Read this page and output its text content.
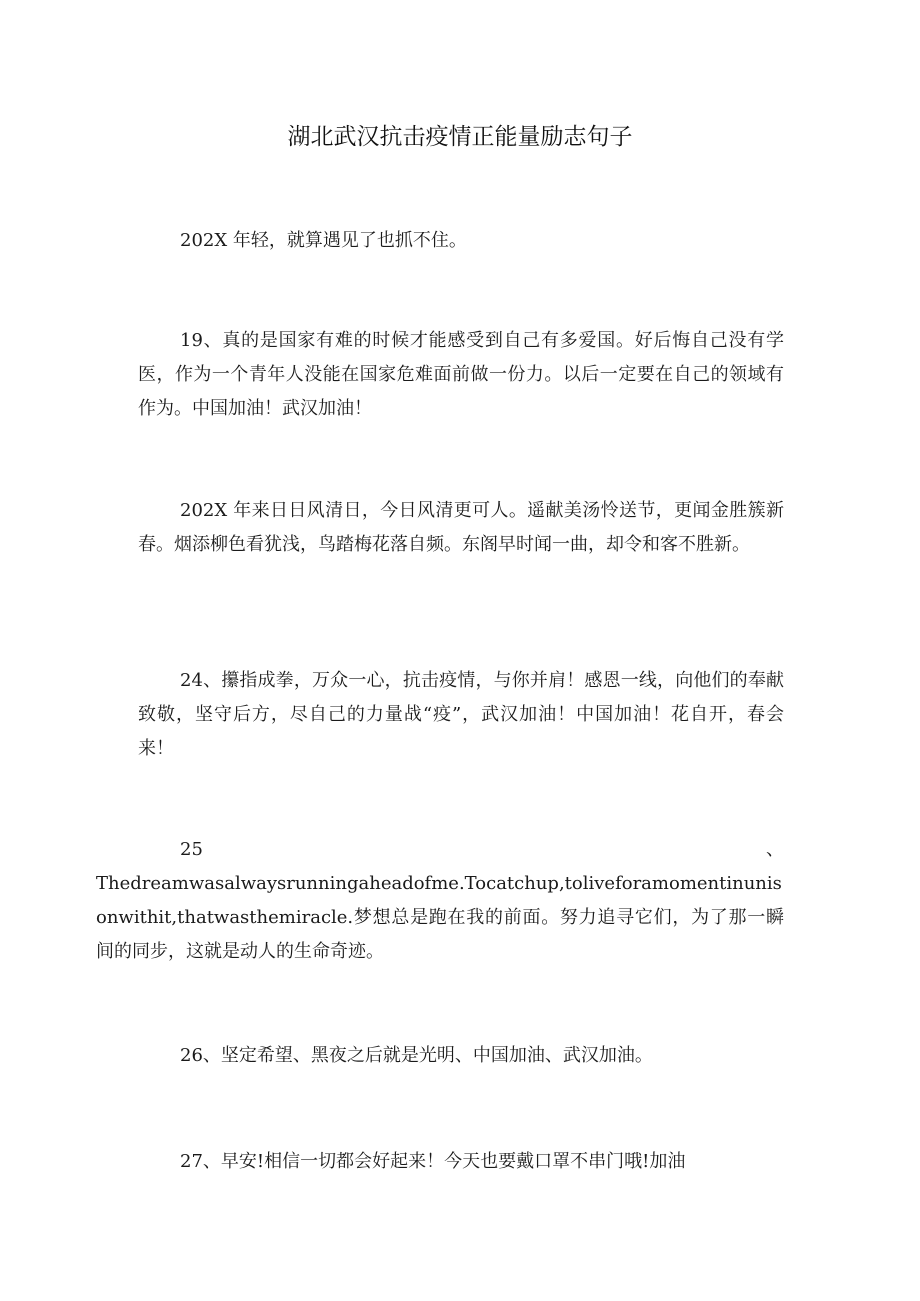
湖北武汉抗击疫情正能量励志句子

202X 年轻，就算遇见了也抓不住。

19、真的是国家有难的时候才能感受到自己有多爱国。好后悔自己没有学医，作为一个青年人没能在国家危难面前做一份力。以后一定要在自己的领域有作为。中国加油！武汉加油！

202X 年来日日风清日，今日风清更可人。遥献美汤怜送节，更闻金胜簇新春。烟添柳色看犹浅，鸟踏梅花落自频。东阁早时闻一曲，却令和客不胜新。

24、攥指成拳，万众一心，抗击疫情，与你并肩！感恩一线，向他们的奉献致敬，坚守后方，尽自己的力量战“疫”，武汉加油！中国加油！花自开，春会来！

25	、
Thedreamwasalwaysrunningaheadofme.Tocatchup,toliveforamomentinunisonwithit,thatwasthemiracle.梦想总是跑在我的前面。努力追寻它们，为了那一瞬间的同步，这就是动人的生命奇迹。

26、坚定希望、黑夜之后就是光明、中国加油、武汉加油。

27、早安!相信一切都会好起来！今天也要戴口罩不串门哦!加油
